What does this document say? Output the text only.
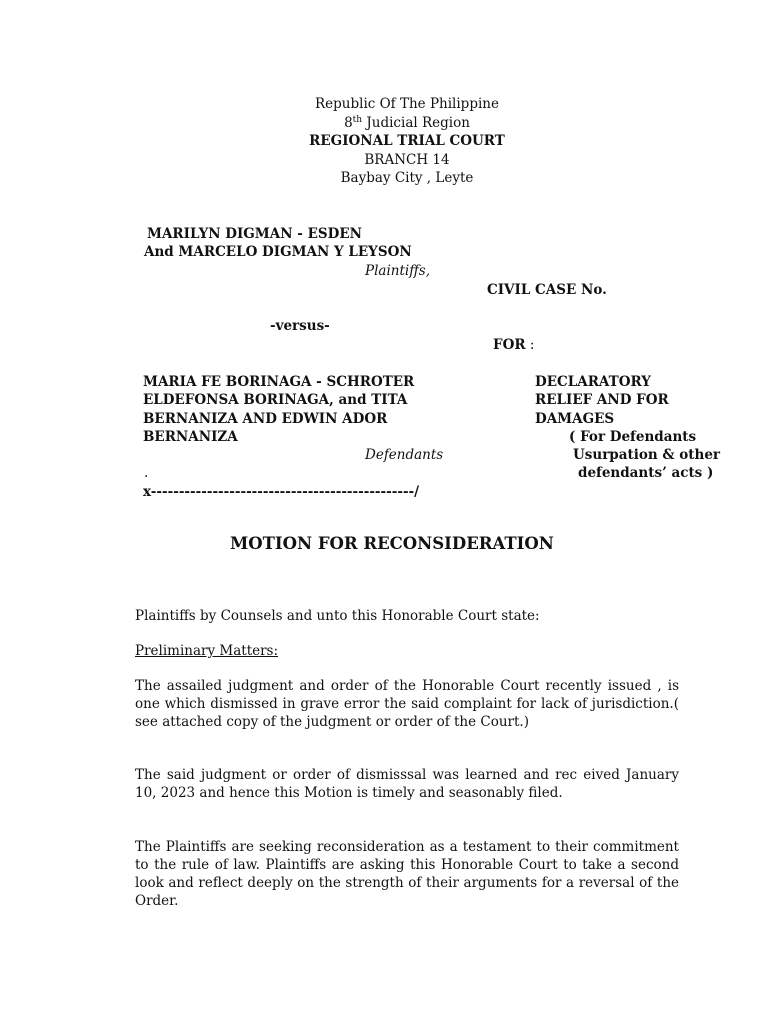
Republic Of The Philippine
8th Judicial Region
REGIONAL TRIAL COURT
BRANCH 14
Baybay City , Leyte
MARILYN DIGMAN - ESDEN
And MARCELO DIGMAN Y LEYSON
Plaintiffs,
CIVIL CASE No.
-versus-
FOR :
MARIA FE BORINAGA - SCHROTER
ELDEFONSA BORINAGA, and TITA
BERNANIZA AND EDWIN ADOR
BERNANIZA
Defendants
.
x-----------------------------------------------/
DECLARATORY
RELIEF AND FOR
DAMAGES
( For Defendants
Usurpation & other
defendants’ acts )
MOTION FOR RECONSIDERATION
Plaintiffs by Counsels and unto this Honorable Court state:
Preliminary Matters:
The assailed judgment and order of the Honorable Court recently issued , is one which dismissed in grave error the said complaint for lack of jurisdiction.( see attached copy of the judgment or order of the Court.)
The said judgment or order of dismisssal was learned and rec eived January 10, 2023 and hence this Motion is timely and seasonably filed.
The Plaintiffs are seeking reconsideration as a testament to their commitment to the rule of law. Plaintiffs are asking this Honorable Court to take a second look and reflect deeply on the strength of their arguments for a reversal of the Order.
